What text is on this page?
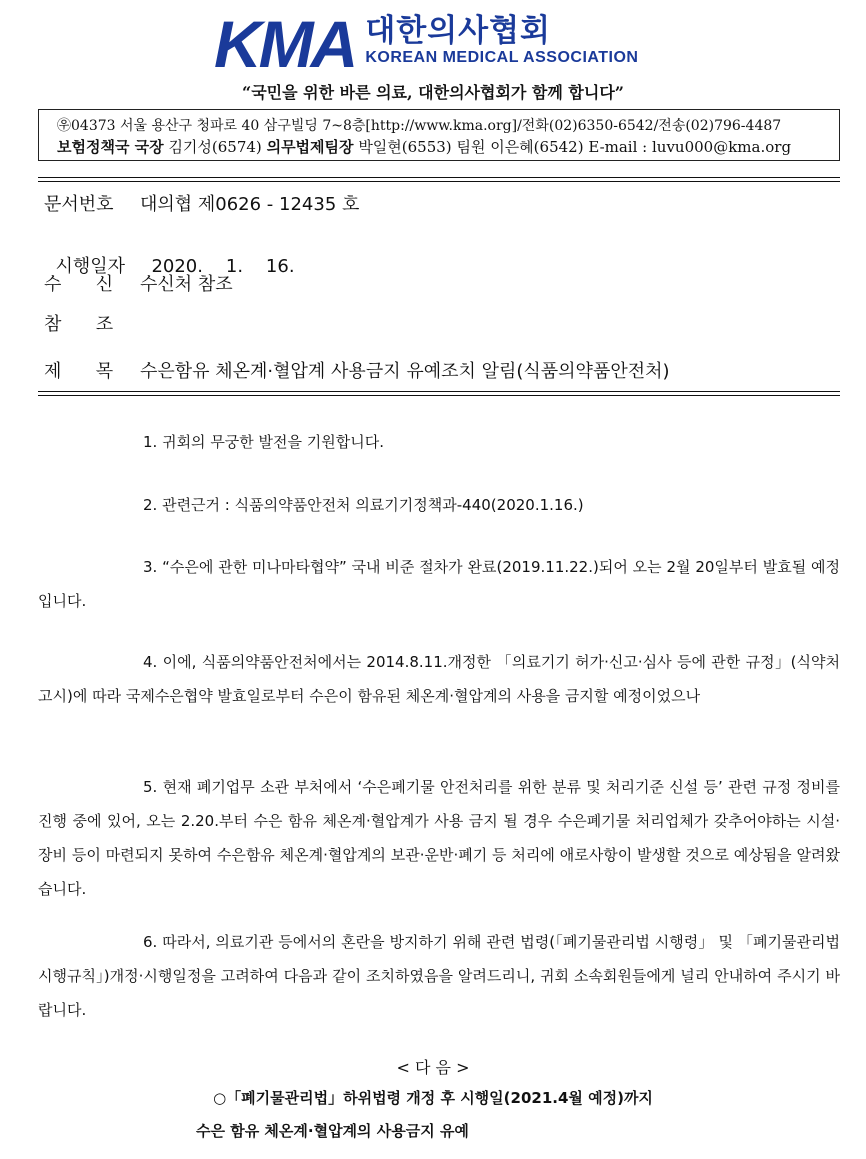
KMA 대한의사협회
KOREAN MEDICAL ASSOCIATION
“국민을 위한 바른 의료, 대한의사협회가 함께 합니다”
㉾04373 서울 용산구 청파로 40 삼구빌딩 7~8층[http://www.kma.org]/전화(02)6350-6542/전송(02)796-4487
보험정책국 국장 김기성(6574) 의무법제팀장 박일현(6553) 팀원 이은혜(6542) E-mail : luvu000@kma.org
문서번호 대의협 제0626 - 12435 호

시행일자 2020.    1.    16.

수      신 수신처 참조
참      조
제      목 수은함유 체온계·혈압계 사용금지 유예조치 알림(식품의약품안전처)
1. 귀회의 무궁한 발전을 기원합니다.
2. 관련근거 : 식품의약품안전처 의료기기정책과-440(2020.1.16.)
3. “수은에 관한 미나마타협약” 국내 비준 절차가 완료(2019.11.22.)되어 오는 2월 20일부터 발효될 예정입니다.
4. 이에, 식품의약품안전처에서는 2014.8.11.개정한 「의료기기 허가·신고·심사 등에 관한 규정」(식약처 고시)에 따라 국제수은협약 발효일로부터 수은이 함유된 체온계·혈압계의 사용을 금지할 예정이었으나
5. 현재 폐기업무 소관 부처에서 ‘수은폐기물 안전처리를 위한 분류 및 처리기준 신설 등’ 관련 규정 정비를 진행 중에 있어, 오는 2.20.부터 수은 함유 체온계·혈압계가 사용 금지 될 경우 수은폐기물 처리업체가 갖추어야하는 시설·장비 등이 마련되지 못하여 수은함유 체온계·혈압계의 보관·운반·폐기 등 처리에 애로사항이 발생할 것으로 예상됨을 알려왔습니다.
6. 따라서, 의료기관 등에서의 혼란을 방지하기 위해 관련 법령(「폐기물관리법 시행령」 및 「폐기물관리법 시행규칙」)개정·시행일정을 고려하여 다음과 같이 조치하였음을 알려드리니, 귀회 소속회원들에게 널리 안내하여 주시기 바랍니다.
< 다 음 >
○「폐기물관리법」하위법령 개정 후 시행일(2021.4월 예정)까지
수은 함유 체온계·혈압계의 사용금지 유예
